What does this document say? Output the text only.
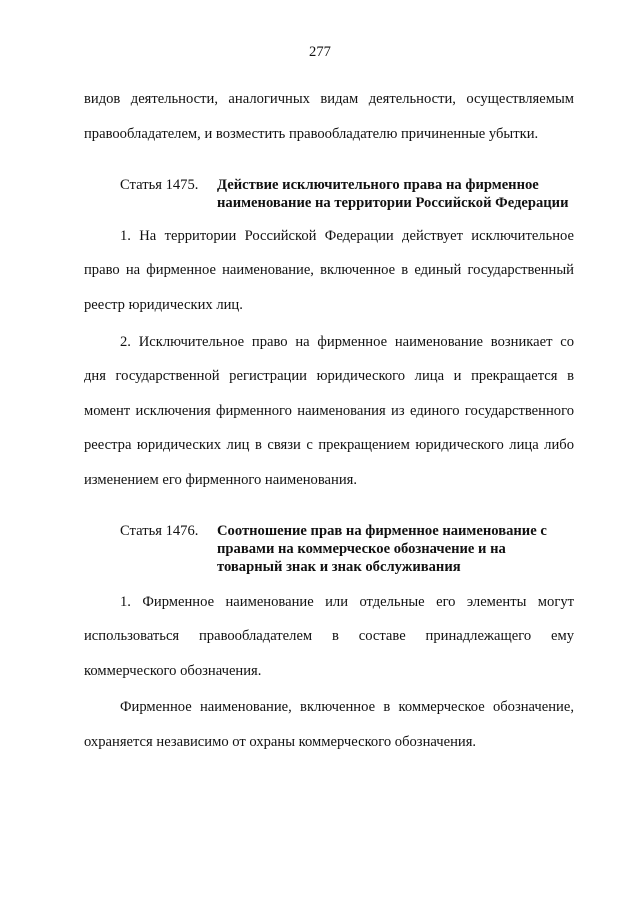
277
видов деятельности, аналогичных видам деятельности, осуществляемым
правообладателем, и возместить правообладателю причиненные убытки.
Статья 1475. Действие исключительного права на фирменное
наименование на территории Российской Федерации
1. На территории Российской Федерации действует исключительное
право на фирменное наименование, включенное в единый государственный
реестр юридических лиц.
2. Исключительное право на фирменное наименование возникает со
дня государственной регистрации юридического лица и прекращается в
момент исключения фирменного наименования из единого государственного
реестра юридических лиц в связи с прекращением юридического лица либо
изменением его фирменного наименования.
Статья 1476. Соотношение прав на фирменное наименование с
правами на коммерческое обозначение и на
товарный знак и знак обслуживания
1. Фирменное наименование или отдельные его элементы могут
использоваться правообладателем в составе принадлежащего ему
коммерческого обозначения.
Фирменное наименование, включенное в коммерческое обозначение,
охраняется независимо от охраны коммерческого обозначения.
